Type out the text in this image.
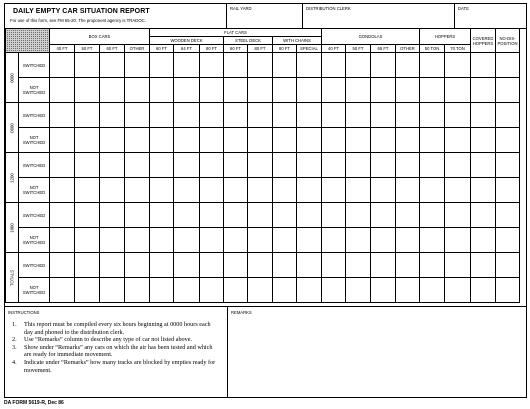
DAILY EMPTY CAR SITUATION REPORT
For use of this form, see FM 55-20. The proponent agency is TRADOC.
RAIL YARD	DISTRIBUTION CLERK	DATE
		BOX CARS				FLAT CARS							GONDOLAS				HOPPERS		COVERED HOPPERS	NO-DIS-POSITION
						WOODEN DECK			STEEL DECK		WITH CHAINS									
		40 FT	50 FT	60 FT	OTHER	60 FT	64 FT	80 FT	60 FT	80 FT	80 FT	SPECIAL	40 FT	50 FT	65 FT	OTHER	50 TON	70 TON		

0000	SWITCHED																			
	NOT SWITCHED																			

0600	SWITCHED																			
	NOT SWITCHED																			

1200	SWITCHED																			
	NOT SWITCHED																			

1800	SWITCHED																			
	NOT SWITCHED																			

TOTALS	SWITCHED																			
	NOT SWITCHED																			
INSTRUCTIONS
1. This report must be compiled every six hours beginning at 0000 hours each day and phoned to the distribution clerk.
2. Use “Remarks” column to describe any type of car not listed above.
3. Show under “Remarks” any cars on which the air has been tested and which are ready for immediate movement.
4. Indicate under “Remarks” how many tracks are blocked by empties ready for movement.
REMARKS
DA FORM 5619-R, Dec 86
